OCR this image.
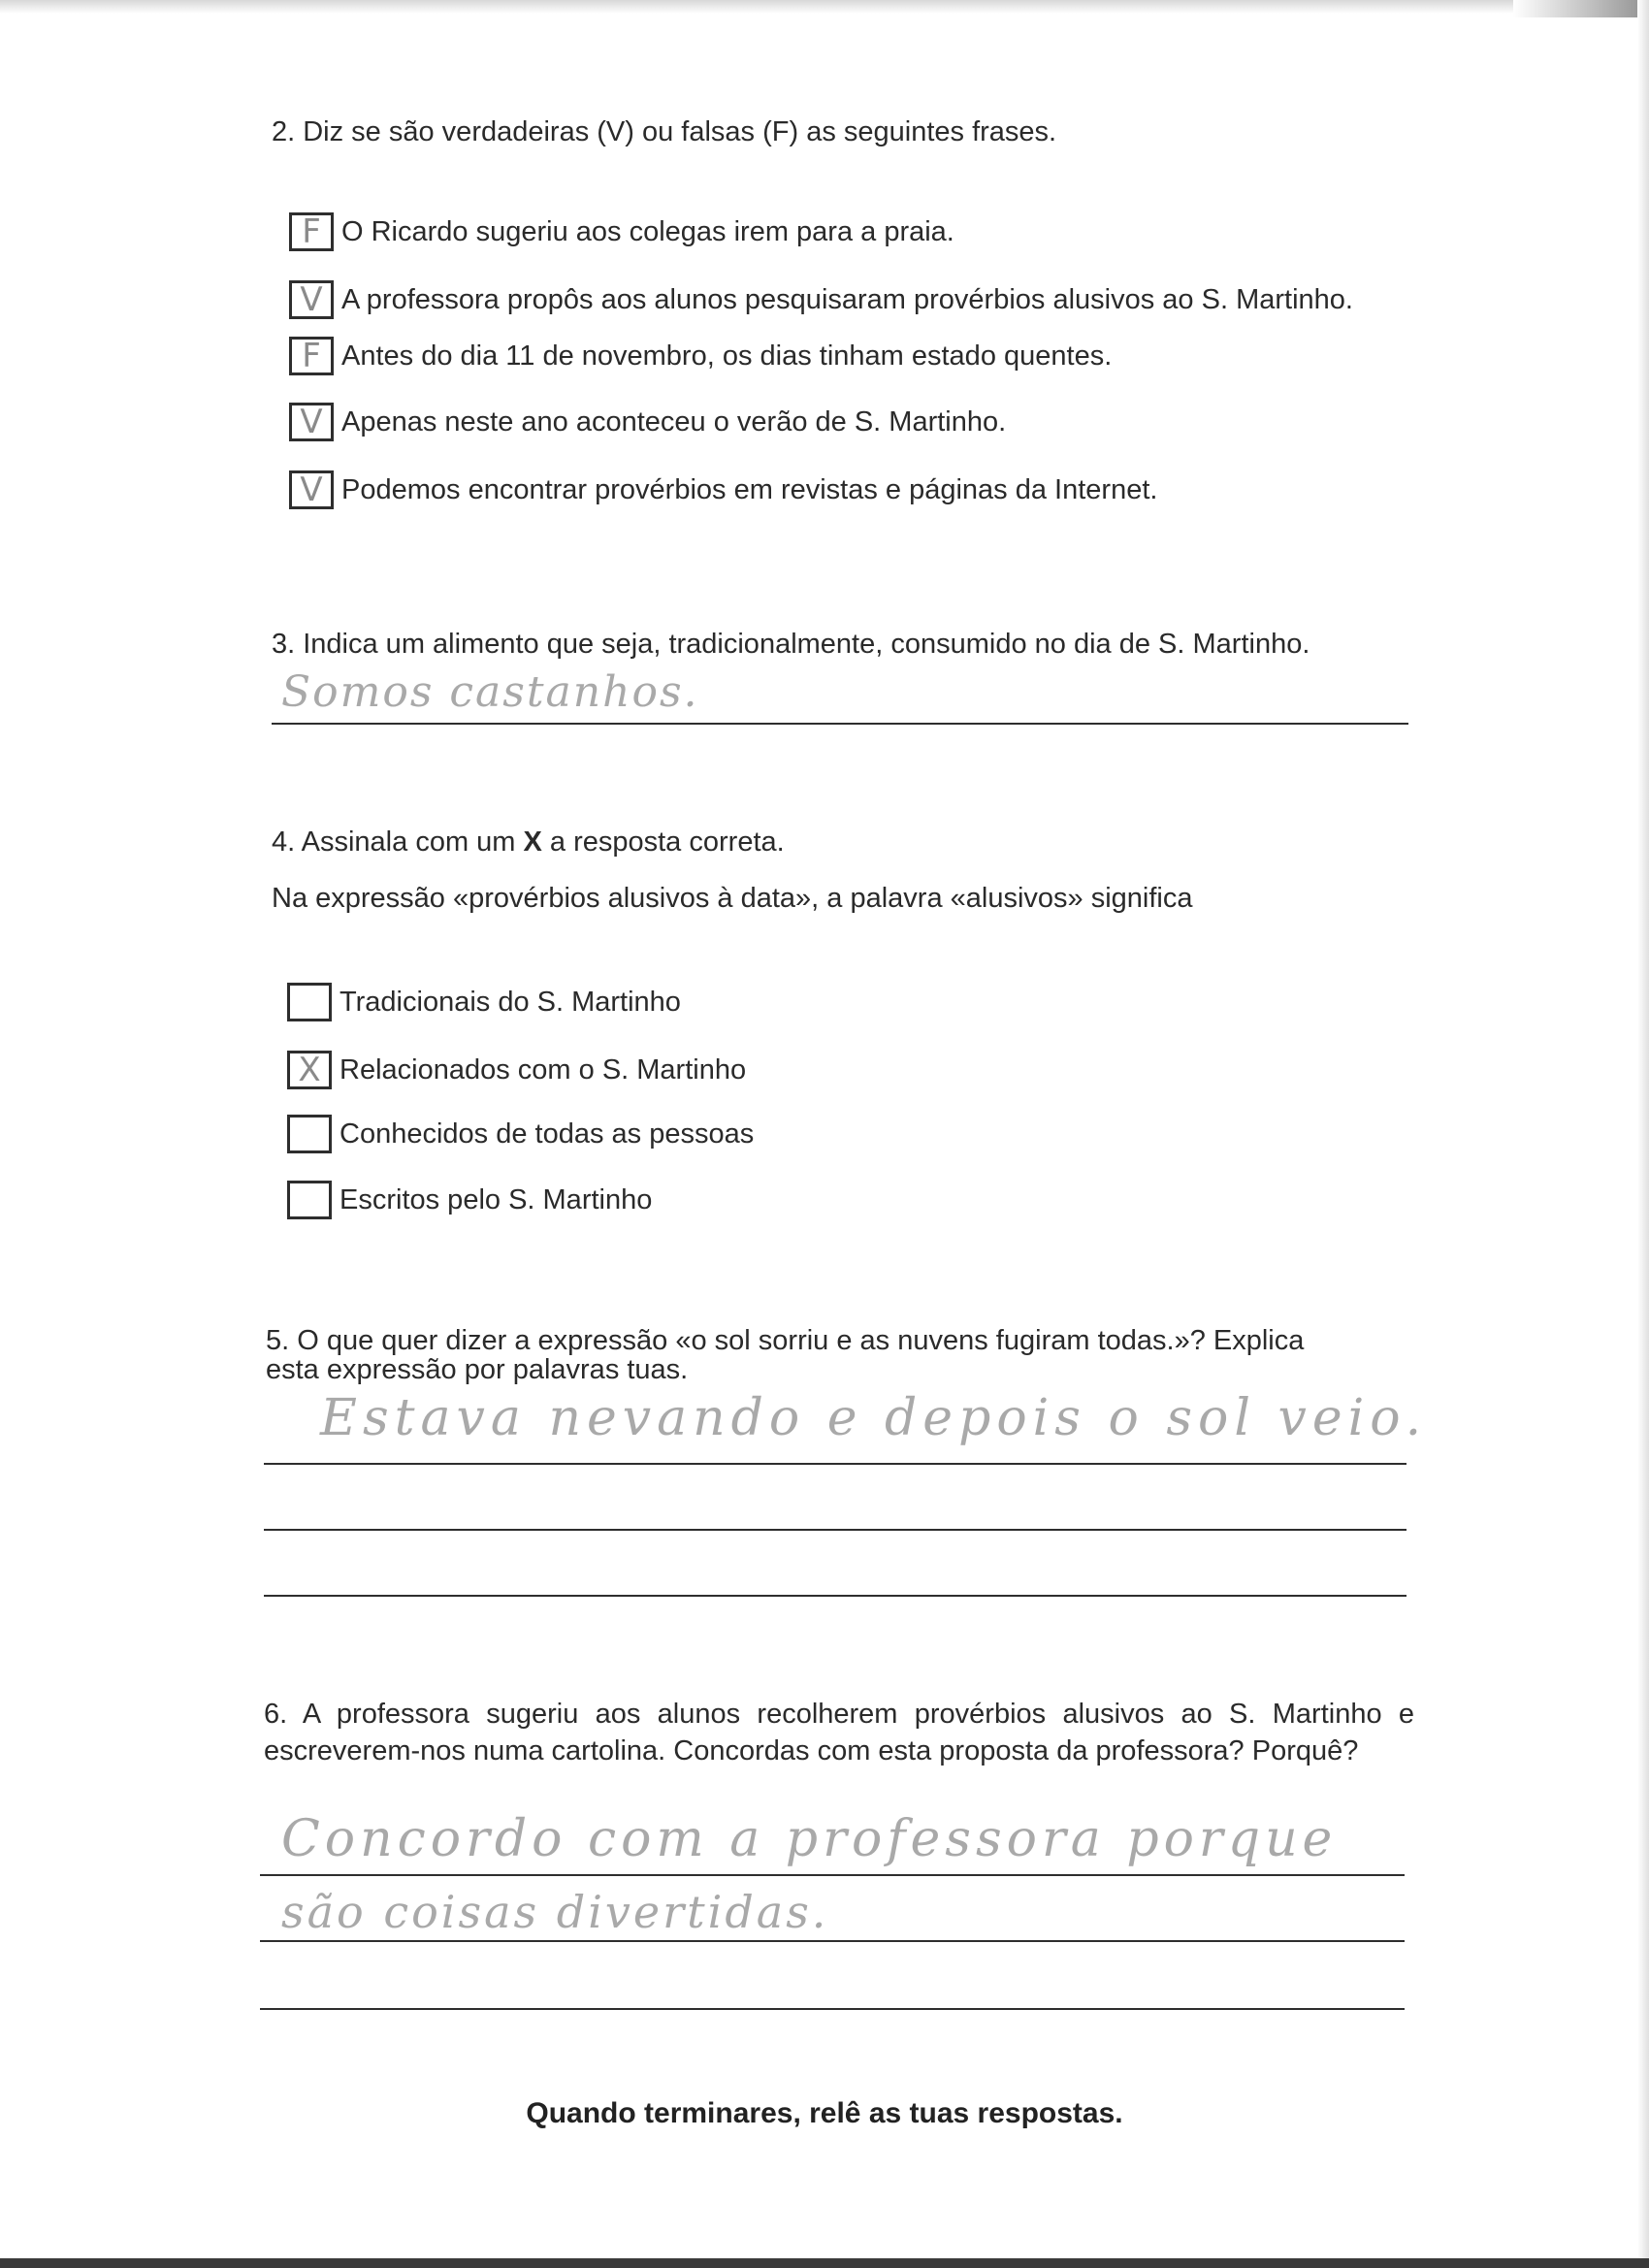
2. Diz se são verdadeiras (V) ou falsas (F) as seguintes frases.
F O Ricardo sugeriu aos colegas irem para a praia.
V A professora propôs aos alunos pesquisaram provérbios alusivos ao S. Martinho.
F Antes do dia 11 de novembro, os dias tinham estado quentes.
V Apenas neste ano aconteceu o verão de S. Martinho.
V Podemos encontrar provérbios em revistas e páginas da Internet.
3. Indica um alimento que seja, tradicionalmente, consumido no dia de S. Martinho.
Somos castanhos.
4. Assinala com um X a resposta correta.
Na expressão «provérbios alusivos à data», a palavra «alusivos» significa
Tradicionais do S. Martinho
X Relacionados com o S. Martinho
Conhecidos de todas as pessoas
Escritos pelo S. Martinho
5. O que quer dizer a expressão «o sol sorriu e as nuvens fugiram todas.»? Explica
esta expressão por palavras tuas.
Estava nevando e depois o sol veio.
6. A professora sugeriu aos alunos recolherem provérbios alusivos ao S. Martinho e escreverem-nos numa cartolina. Concordas com esta proposta da professora? Porquê?
Concordo com a professora porque
são coisas divertidas.
Quando terminares, relê as tuas respostas.
